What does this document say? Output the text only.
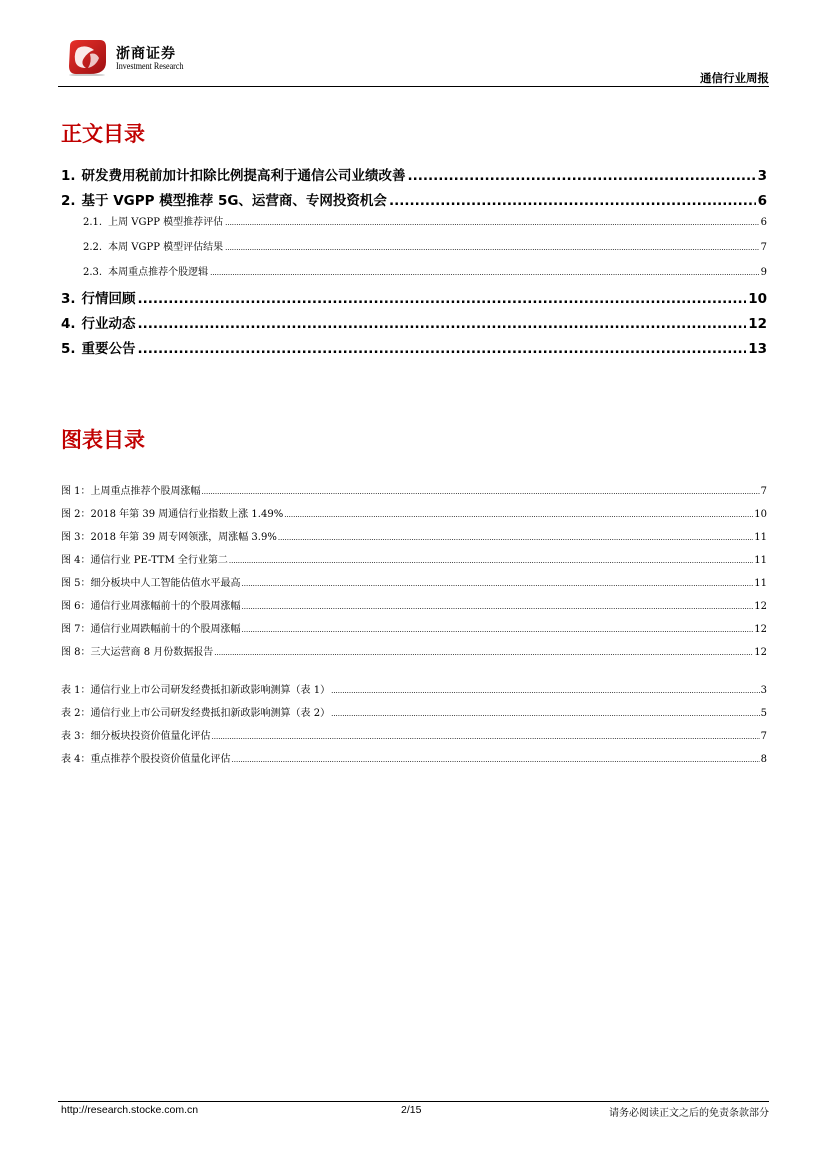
浙商证券
Investment Research
通信行业周报
正文目录
1. 研发费用税前加计扣除比例提高利于通信公司业绩改善 .....	3
2. 基于 VGPP 模型推荐 5G、运营商、专网投资机会 .....	6
2.1. 上周 VGPP 模型推荐评估 .....	6
2.2. 本周 VGPP 模型评估结果 .....	7
2.3. 本周重点推荐个股逻辑 .....	9
3. 行情回顾 .....	10
4. 行业动态 .....	12
5. 重要公告 .....	13
图表目录
图 1：上周重点推荐个股周涨幅 .....	7
图 2：2018 年第 39 周通信行业指数上涨 1.49% .....	10
图 3：2018 年第 39 周专网领涨，周涨幅 3.9% .....	11
图 4：通信行业 PE-TTM 全行业第二 .....	11
图 5：细分板块中人工智能估值水平最高 .....	11
图 6：通信行业周涨幅前十的个股周涨幅 .....	12
图 7：通信行业周跌幅前十的个股周涨幅 .....	12
图 8：三大运营商 8 月份数据报告 .....	12
表 1：通信行业上市公司研发经费抵扣新政影响测算（表 1） .....	3
表 2：通信行业上市公司研发经费抵扣新政影响测算（表 2） .....	5
表 3：细分板块投资价值量化评估 .....	7
表 4：重点推荐个股投资价值量化评估 .....	8
http://research.stocke.com.cn	2/15	请务必阅读正文之后的免责条款部分
